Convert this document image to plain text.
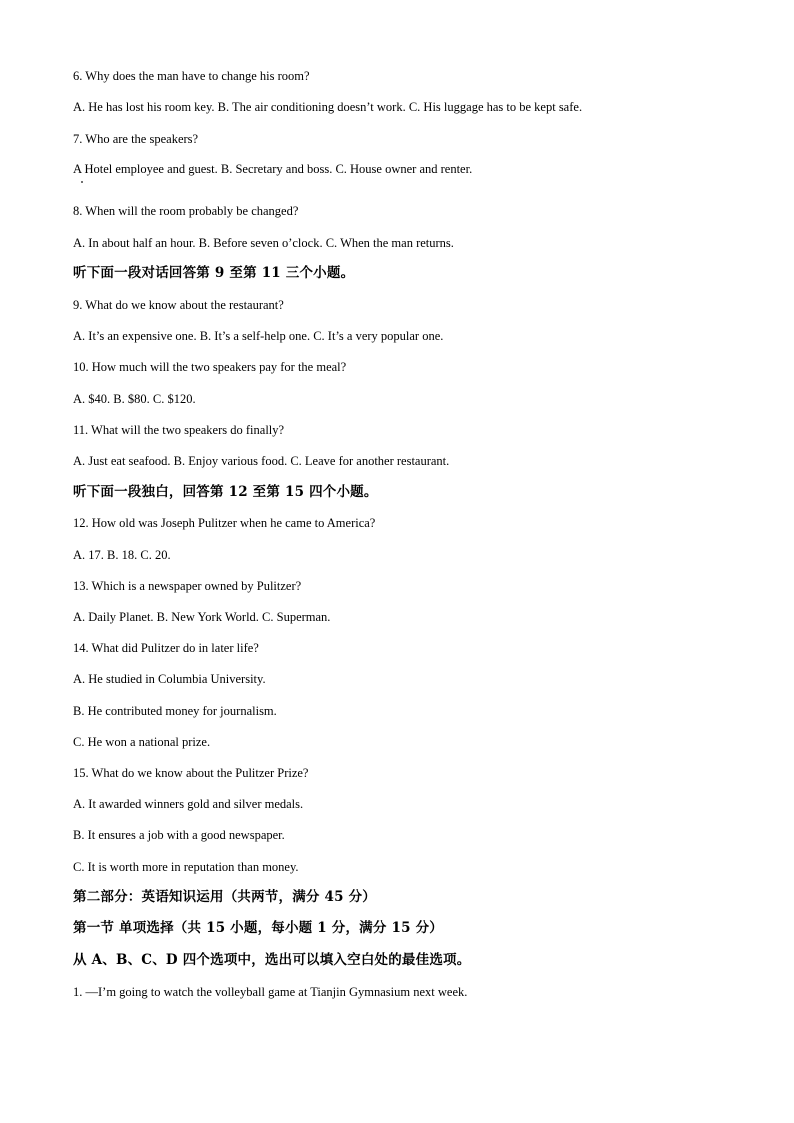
6. Why does the man have to change his room?
A. He has lost his room key. B. The air conditioning doesn’t work. C. His luggage has to be kept safe.
7. Who are the speakers?
A Hotel employee and guest. B. Secretary and boss. C. House owner and renter.
8. When will the room probably be changed?
A. In about half an hour. B. Before seven o’clock. C. When the man returns.
听下面一段对话回答第 9 至第 11 三个小题。
9. What do we know about the restaurant?
A. It’s an expensive one. B. It’s a self-help one. C. It’s a very popular one.
10. How much will the two speakers pay for the meal?
A. $40. B. $80. C. $120.
11. What will the two speakers do finally?
A. Just eat seafood. B. Enjoy various food. C. Leave for another restaurant.
听下面一段独白，回答第 12 至第 15 四个小题。
12. How old was Joseph Pulitzer when he came to America?
A. 17. B. 18. C. 20.
13. Which is a newspaper owned by Pulitzer?
A. Daily Planet. B. New York World. C. Superman.
14. What did Pulitzer do in later life?
A. He studied in Columbia University.
B. He contributed money for journalism.
C. He won a national prize.
15. What do we know about the Pulitzer Prize?
A. It awarded winners gold and silver medals.
B. It ensures a job with a good newspaper.
C. It is worth more in reputation than money.
第二部分：英语知识运用（共两节，满分 45 分）
第一节 单项选择（共 15 小题，每小题 1 分，满分 15 分）
从 A、B、C、D 四个选项中，选出可以填入空白处的最佳选项。
1. —I’m going to watch the volleyball game at Tianjin Gymnasium next week.
